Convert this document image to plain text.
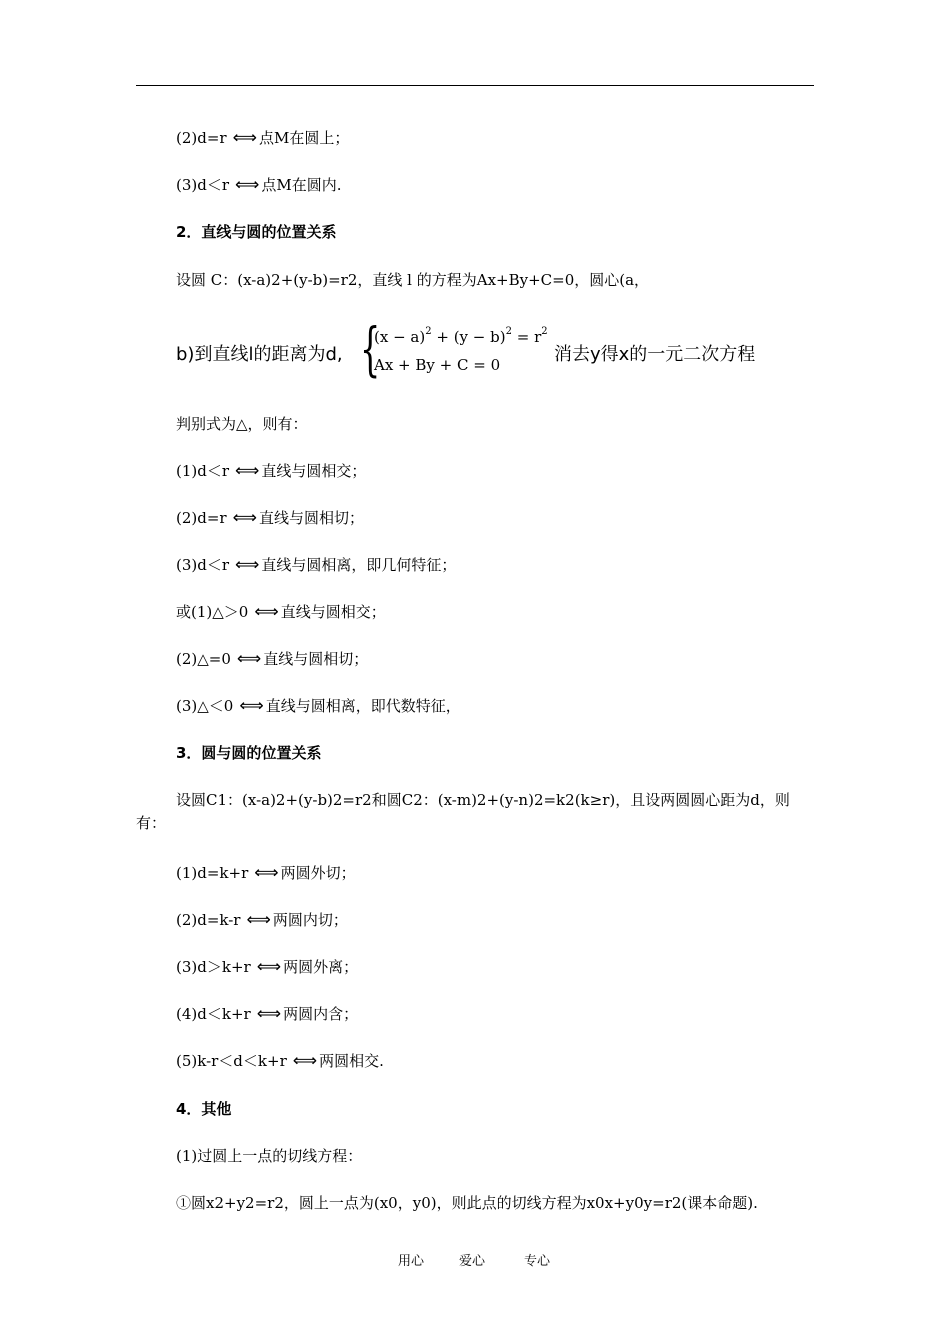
(2)d=r ⟺ 点M在圆上；
(3)d＜r ⟺ 点M在圆内.
2．直线与圆的位置关系
设圆 C：(x-a)2+(y-b)=r2，直线 l 的方程为Ax+By+C=0，圆心(a，
b)到直线l的距离为d, {
$(x - a)^2 + (y - b)^2 = r^2$
Ax + By + C = 0	消去y得x的一元二次方程
判别式为△，则有：
(1)d＜r ⟺ 直线与圆相交；
(2)d=r ⟺ 直线与圆相切；
(3)d＜r ⟺ 直线与圆相离，即几何特征；
或(1)△＞0 ⟺ 直线与圆相交；
(2)△=0 ⟺ 直线与圆相切；
(3)△＜0 ⟺ 直线与圆相离，即代数特征，
3．圆与圆的位置关系
设圆C1：(x-a)2+(y-b)2=r2和圆C2：(x-m)2+(y-n)2=k2(k≥r)，且设两圆圆心距为d，则有：
(1)d=k+r ⟺ 两圆外切；
(2)d=k-r ⟺ 两圆内切；
(3)d＞k+r ⟺ 两圆外离；
(4)d＜k+r ⟺ 两圆内含；
(5)k-r＜d＜k+r ⟺ 两圆相交.
4．其他
(1)过圆上一点的切线方程：
①圆x2+y2=r2，圆上一点为(x0，y0)，则此点的切线方程为x0x+y0y=r2(课本命题).
用心	爱心	专心
